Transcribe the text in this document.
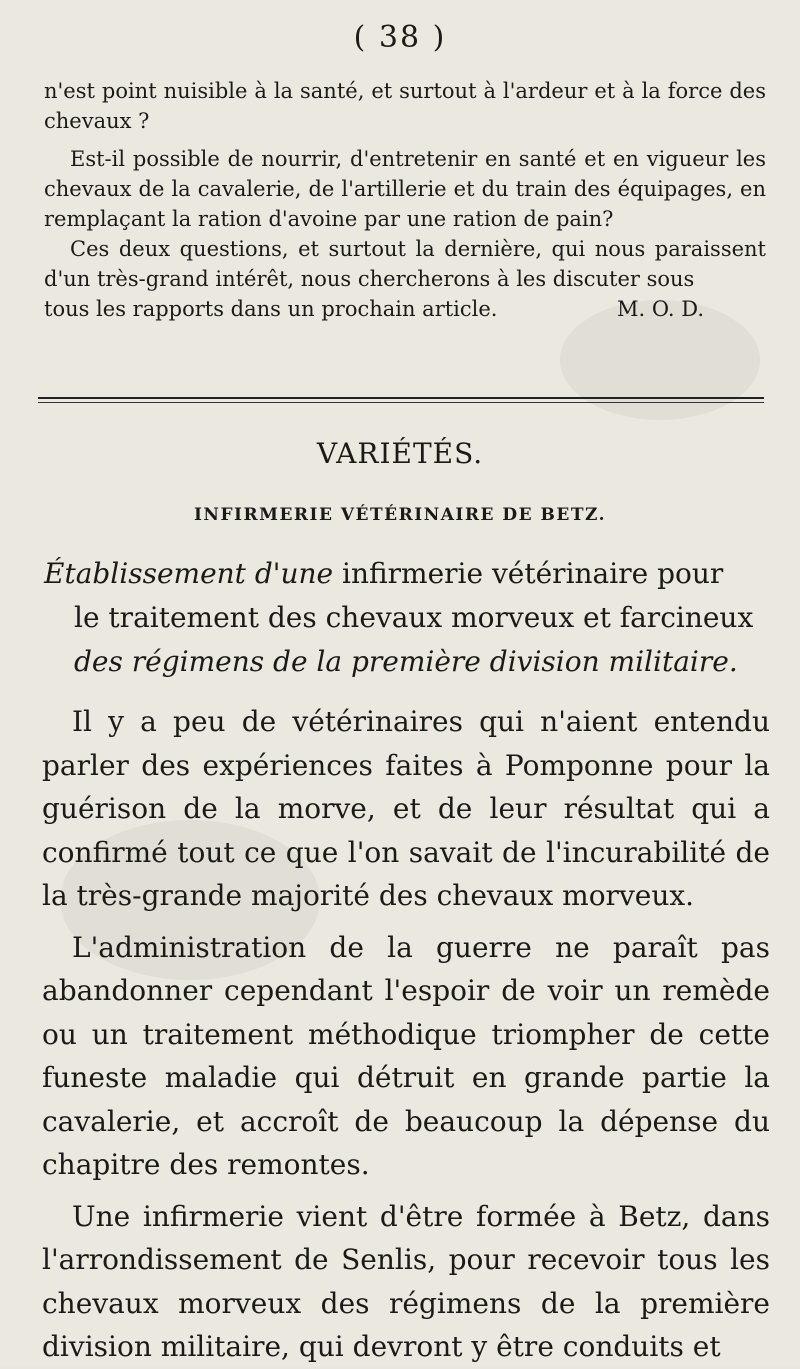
( 38 )

n'est point nuisible à la santé, et surtout à l'ardeur et à la force des chevaux ?

Est-il possible de nourrir, d'entretenir en santé et en vigueur les chevaux de la cavalerie, de l'artillerie et du train des équipages, en remplaçant la ration d'avoine par une ration de pain?

Ces deux questions, et surtout la dernière, qui nous paraissent d'un très-grand intérêt, nous chercherons à les discuter sous

tous les rapports dans un prochain article.	M. O. D.
VARIÉTÉS.
INFIRMERIE VÉTÉRINAIRE DE BETZ.
Établissement d'une infirmerie vétérinaire pour
le traitement des chevaux morveux et farcineux
des régimens de la première division militaire.

Il y a peu de vétérinaires qui n'aient entendu parler des expériences faites à Pomponne pour la guérison de la morve, et de leur résultat qui a confirmé tout ce que l'on savait de l'incurabilité de la très-grande majorité des chevaux morveux.

L'administration de la guerre ne paraît pas abandonner cependant l'espoir de voir un remède ou un traitement méthodique triompher de cette funeste maladie qui détruit en grande partie la cavalerie, et accroît de beaucoup la dépense du chapitre des remontes.

Une infirmerie vient d'être formée à Betz, dans l'arrondissement de Senlis, pour recevoir tous les chevaux morveux des régimens de la première division militaire, qui devront y être conduits et
